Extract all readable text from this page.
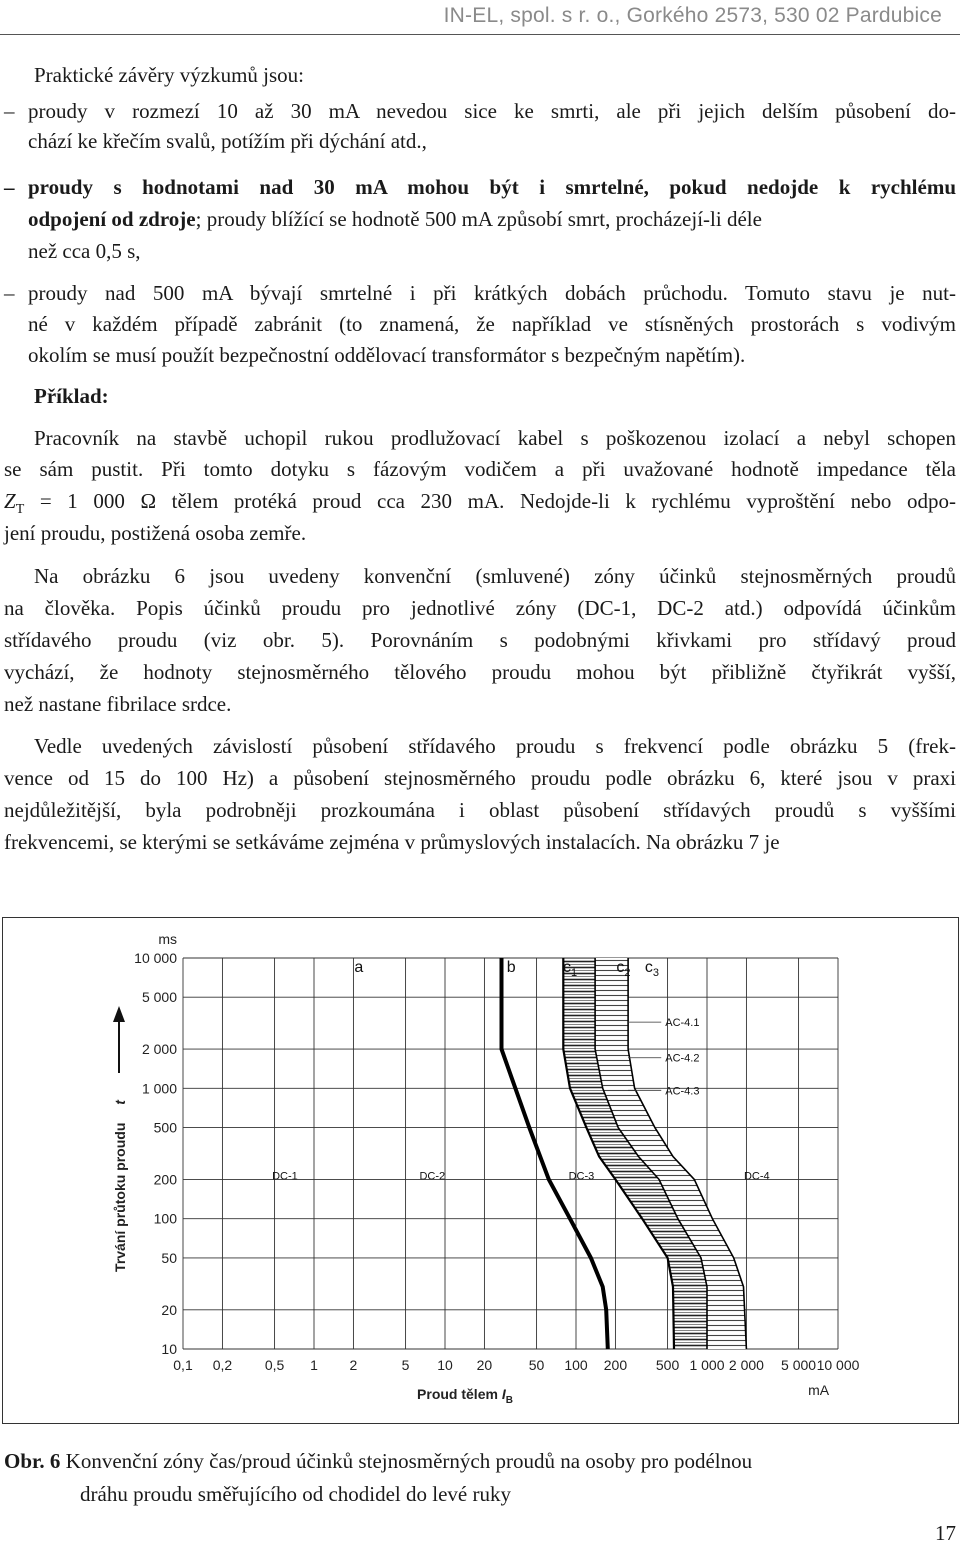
IN-EL, spol. s r. o., Gorkého 2573, 530 02 Pardubice
Praktické závěry výzkumů jsou:
– proudy v rozmezí 10 až 30 mA nevedou sice ke smrti, ale při jejich delším působení do-
chází ke křečím svalů, potížím při dýchání atd.,
– proudy s hodnotami nad 30 mA mohou být i smrtelné, pokud nedojde k rychlému
odpojení od zdroje; proudy blížící se hodnotě 500 mA způsobí smrt, procházejí-li déle
než cca 0,5 s,
– proudy nad 500 mA bývají smrtelné i při krátkých dobách průchodu. Tomuto stavu je nut-
né v každém případě zabránit (to znamená, že například ve stísněných prostorách s vodivým
okolím se musí použít bezpečnostní oddělovací transformátor s bezpečným napětím).
Příklad:
Pracovník na stavbě uchopil rukou prodlužovací kabel s poškozenou izolací a nebyl schopen
se sám pustit. Při tomto dotyku s fázovým vodičem a při uvažované hodnotě impedance těla
$Z_T = 1$ 000 Ω tělem protéká proud cca 230 mA. Nedojde-li k rychlému vyproštění nebo odpo-
jení proudu, postižená osoba zemře.
Na obrázku 6 jsou uvedeny konvenční (smluvené) zóny účinků stejnosměrných proudů
na člověka. Popis účinků proudu pro jednotlivé zóny (DC-1, DC-2 atd.) odpovídá účinkům
střídavého proudu (viz obr. 5). Porovnáním s podobnými křivkami pro střídavý proud
vychází, že hodnoty stejnosměrného tělového proudu mohou být přibližně čtyřikrát vyšší,
než nastane fibrilace srdce.
Vedle uvedených závislostí působení střídavého proudu s frekvencí podle obrázku 5 (frek-
vence od 15 do 100 Hz) a působení stejnosměrného proudu podle obrázku 6, které jsou v praxi
nejdůležitější, byla podrobněji prozkoumána i oblast působení střídavých proudů s vyššími
frekvencemi, se kterými se setkáváme zejména v průmyslových instalacích. Na obrázku 7 je
a	b	$c_1$ $c_2$ $c_3$
DC-1	DC-2	DC-3	DC-4
AC-4.1
AC-4.2
AC-4.3
0,1 0,2 0,5 1 2	5 10 20	50 100 200 500 1 000 2 000 5 000 10 000
10
20
50
100
200
500
1 000
2 000
5 000
10 000
ms
mA
Proud tělem $I_B$
Trvání průtoku proudu t
Obr. 6 Konvenční zóny čas/proud účinků stejnosměrných proudů na osoby pro podélnou
dráhu proudu směřujícího od chodidel do levé ruky
17
